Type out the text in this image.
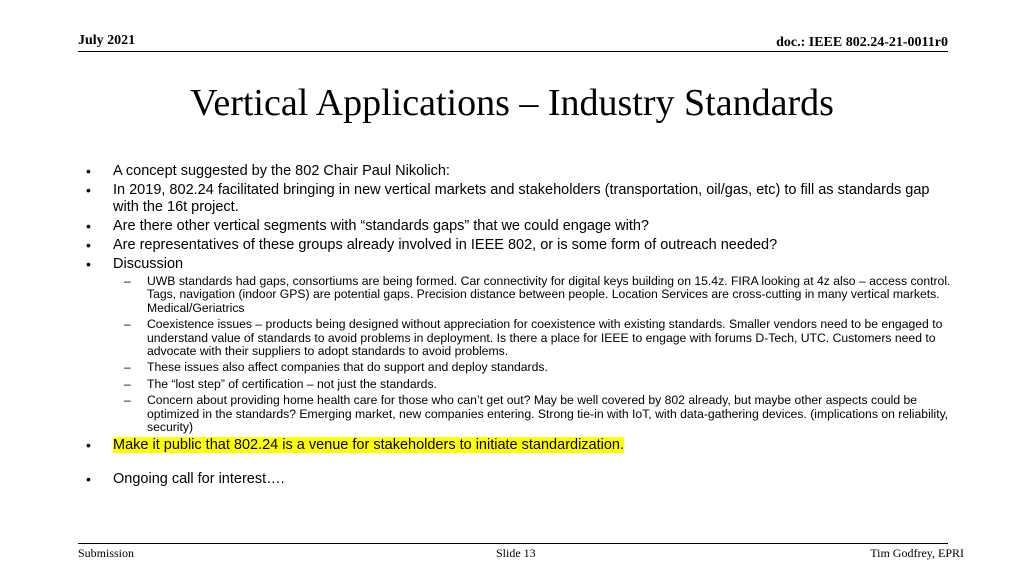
July 2021	doc.: IEEE 802.24-21-0011r0
Vertical Applications – Industry Standards
• A concept suggested by the 802 Chair Paul Nikolich:
• In 2019, 802.24 facilitated bringing in new vertical markets and stakeholders (transportation, oil/gas, etc) to fill as standards gap with the 16t project.
• Are there other vertical segments with “standards gaps” that we could engage with?
• Are representatives of these groups already involved in IEEE 802, or is some form of outreach needed?
• Discussion
– UWB standards had gaps, consortiums are being formed. Car connectivity for digital keys building on 15.4z. FIRA looking at 4z also – access control. Tags, navigation (indoor GPS) are potential gaps. Precision distance between people. Location Services are cross-cutting in many vertical markets. Medical/Geriatrics
– Coexistence issues – products being designed without appreciation for coexistence with existing standards. Smaller vendors need to be engaged to understand value of standards to avoid problems in deployment. Is there a place for IEEE to engage with forums D-Tech, UTC. Customers need to advocate with their suppliers to adopt standards to avoid problems.
– These issues also affect companies that do support and deploy standards.
– The “lost step” of certification – not just the standards.
– Concern about providing home health care for those who can’t get out? May be well covered by 802 already, but maybe other aspects could be optimized in the standards? Emerging market, new companies entering. Strong tie-in with IoT, with data-gathering devices. (implications on reliability, security)
• Make it public that 802.24 is a venue for stakeholders to initiate standardization.
• Ongoing call for interest….
Submission	Slide 13	Tim Godfrey, EPRI
